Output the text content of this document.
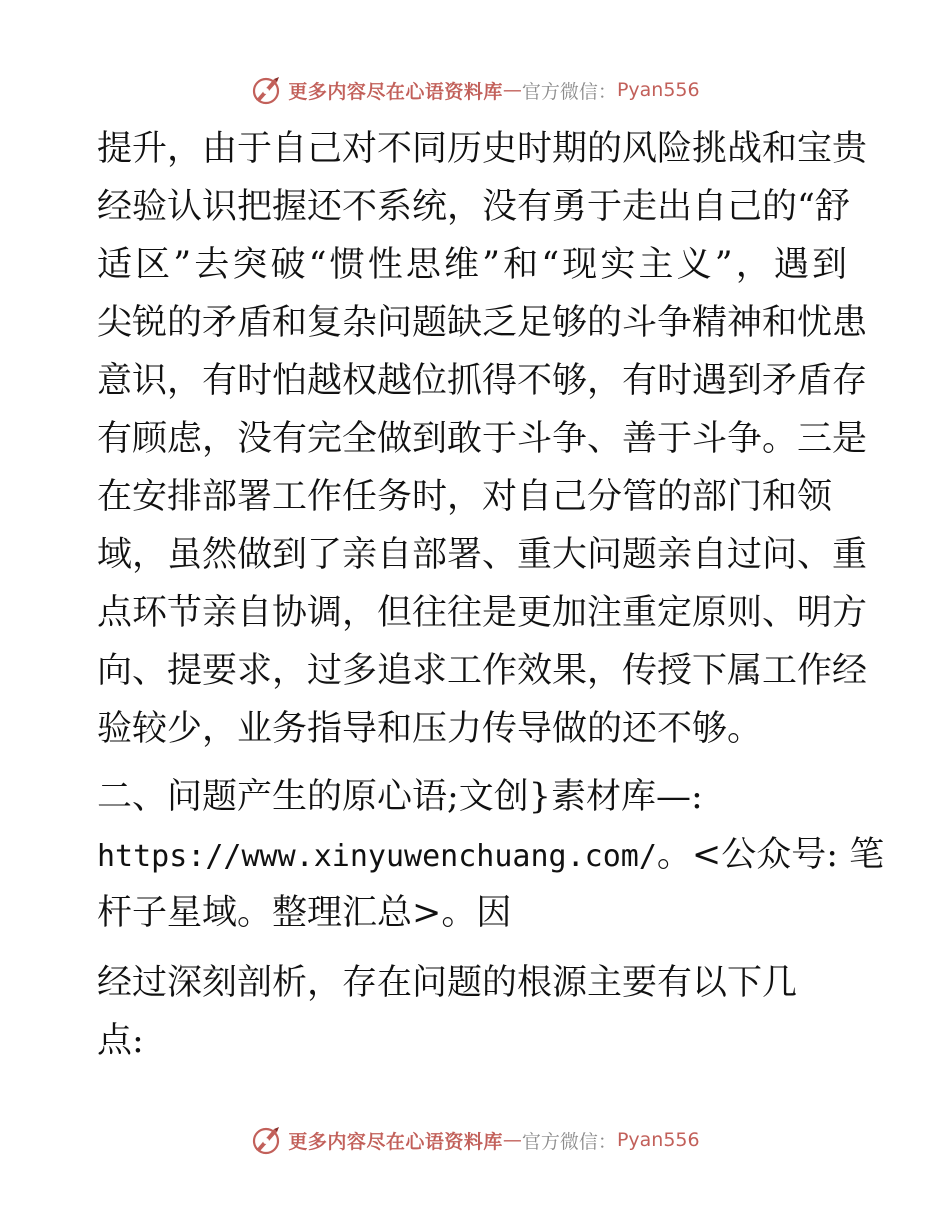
更多内容尽在心语资料库 — 官方微信： Pyan556
提升，由于自己对不同历史时期的风险挑战和宝贵
经验认识把握还不系统，没有勇于走出自己的“舒
适区”去突破“惯性思维”和“现实主义”，遇到
尖锐的矛盾和复杂问题缺乏足够的斗争精神和忧患
意识，有时怕越权越位抓得不够，有时遇到矛盾存
有顾虑，没有完全做到敢于斗争、善于斗争。三是
在安排部署工作任务时，对自己分管的部门和领
域，虽然做到了亲自部署、重大问题亲自过问、重
点环节亲自协调，但往往是更加注重定原则、明方
向、提要求，过多追求工作效果，传授下属工作经
验较少，业务指导和压力传导做的还不够。
二、问题产生的原心语;文创}素材库—:
https://www.xinyuwenchuang.com/。<公众号: 笔
杆子星域。整理汇总>。因
经过深刻剖析，存在问题的根源主要有以下几
点:
更多内容尽在心语资料库 — 官方微信： Pyan556
